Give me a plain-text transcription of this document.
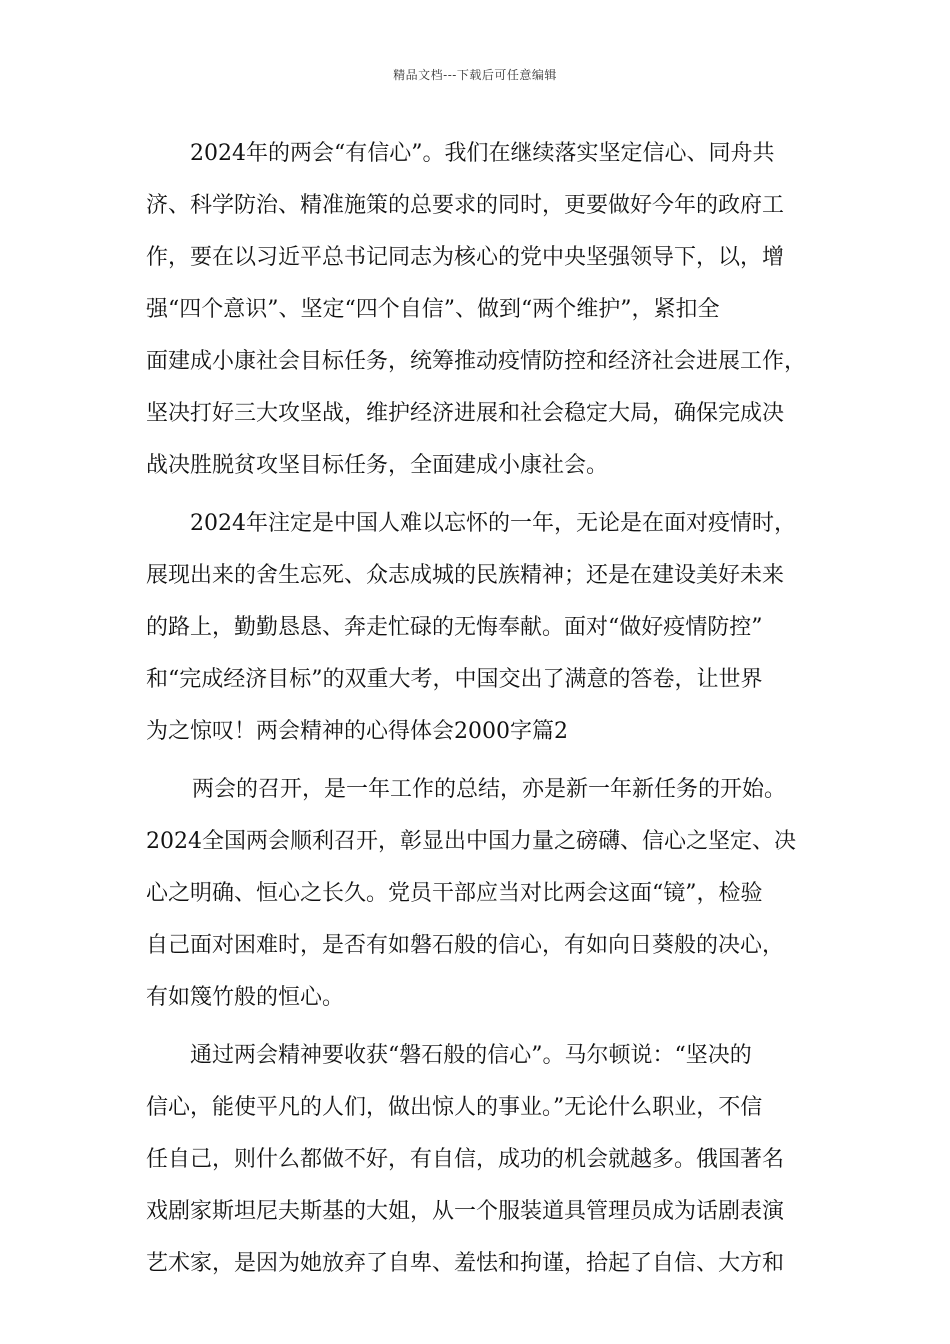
精品文档---下载后可任意编辑
2024年的两会“有信心”。我们在继续落实坚定信心、同舟共
济、科学防治、精准施策的总要求的同时，更要做好今年的政府工
作，要在以习近平总书记同志为核心的党中央坚强领导下，以，增
强“四个意识”、坚定“四个自信”、做到“两个维护”，紧扣全
面建成小康社会目标任务，统筹推动疫情防控和经济社会进展工作，
坚决打好三大攻坚战，维护经济进展和社会稳定大局，确保完成决
战决胜脱贫攻坚目标任务，全面建成小康社会。
2024年注定是中国人难以忘怀的一年，无论是在面对疫情时，
展现出来的舍生忘死、众志成城的民族精神；还是在建设美好未来
的路上，勤勤恳恳、奔走忙碌的无悔奉献。面对“做好疫情防控”
和“完成经济目标”的双重大考，中国交出了满意的答卷，让世界
为之惊叹！两会精神的心得体会2000字篇2
两会的召开，是一年工作的总结，亦是新一年新任务的开始。
2024全国两会顺利召开，彰显出中国力量之磅礴、信心之坚定、决
心之明确、恒心之长久。党员干部应当对比两会这面“镜”，检验
自己面对困难时，是否有如磐石般的信心，有如向日葵般的决心，
有如篾竹般的恒心。
通过两会精神要收获“磐石般的信心”。马尔顿说：“坚决的
信心，能使平凡的人们，做出惊人的事业。”无论什么职业，不信
任自己，则什么都做不好，有自信，成功的机会就越多。俄国著名
戏剧家斯坦尼夫斯基的大姐，从一个服装道具管理员成为话剧表演
艺术家，是因为她放弃了自卑、羞怯和拘谨，拾起了自信、大方和
